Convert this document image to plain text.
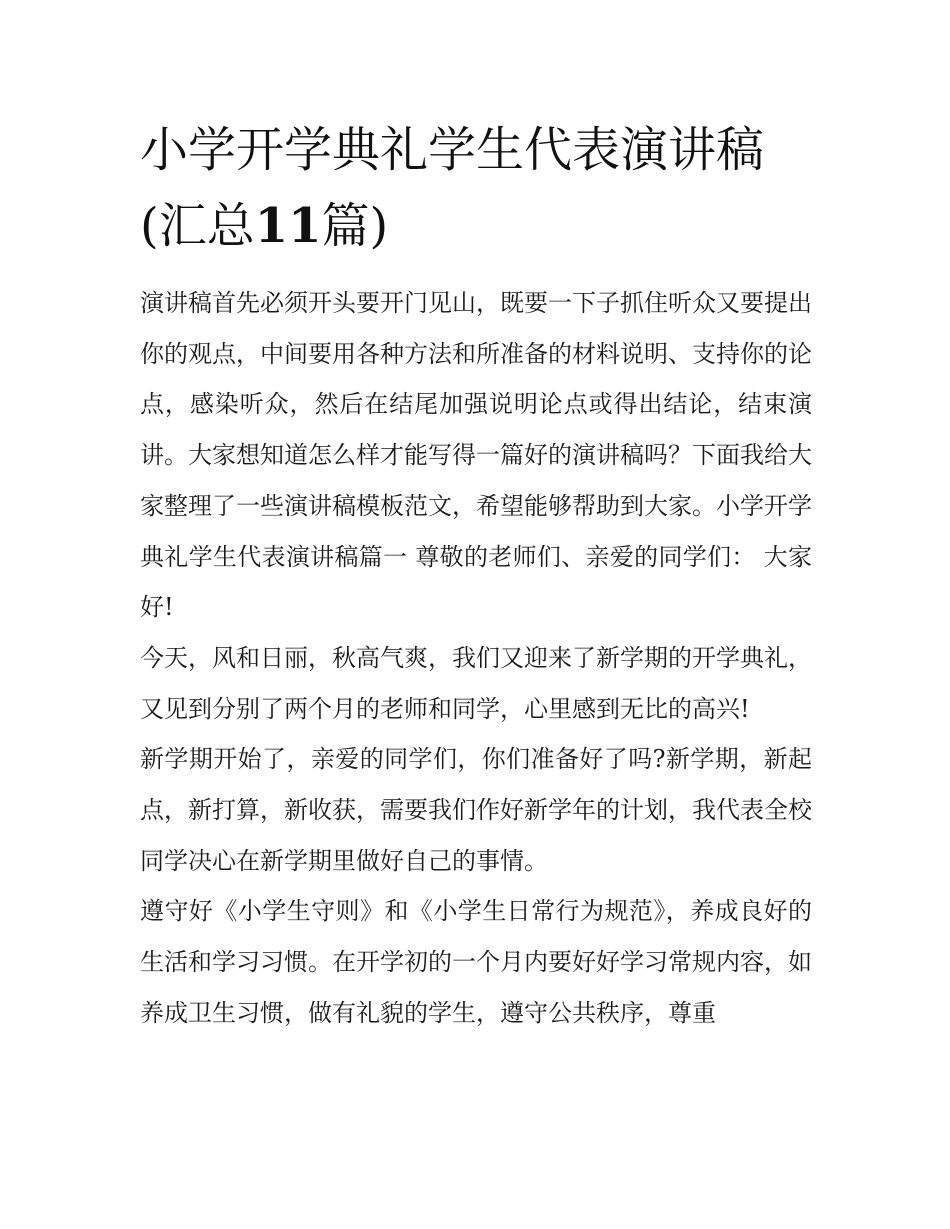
小学开学典礼学生代表演讲稿
(汇总11篇)

演讲稿首先必须开头要开门见山，既要一下子抓住听众又要提出你的观点，中间要用各种方法和所准备的材料说明、支持你的论点，感染听众，然后在结尾加强说明论点或得出结论，结束演讲。大家想知道怎么样才能写得一篇好的演讲稿吗？下面我给大家整理了一些演讲稿模板范文，希望能够帮助到大家。小学开学典礼学生代表演讲稿篇一 尊敬的老师们、亲爱的同学们： 大家好!

今天，风和日丽，秋高气爽，我们又迎来了新学期的开学典礼，又见到分别了两个月的老师和同学，心里感到无比的高兴!

新学期开始了，亲爱的同学们，你们准备好了吗?新学期，新起点，新打算，新收获，需要我们作好新学年的计划，我代表全校同学决心在新学期里做好自己的事情。

遵守好《小学生守则》和《小学生日常行为规范》，养成良好的生活和学习习惯。在开学初的一个月内要好好学习常规内容，如养成卫生习惯，做有礼貌的学生，遵守公共秩序，尊重
